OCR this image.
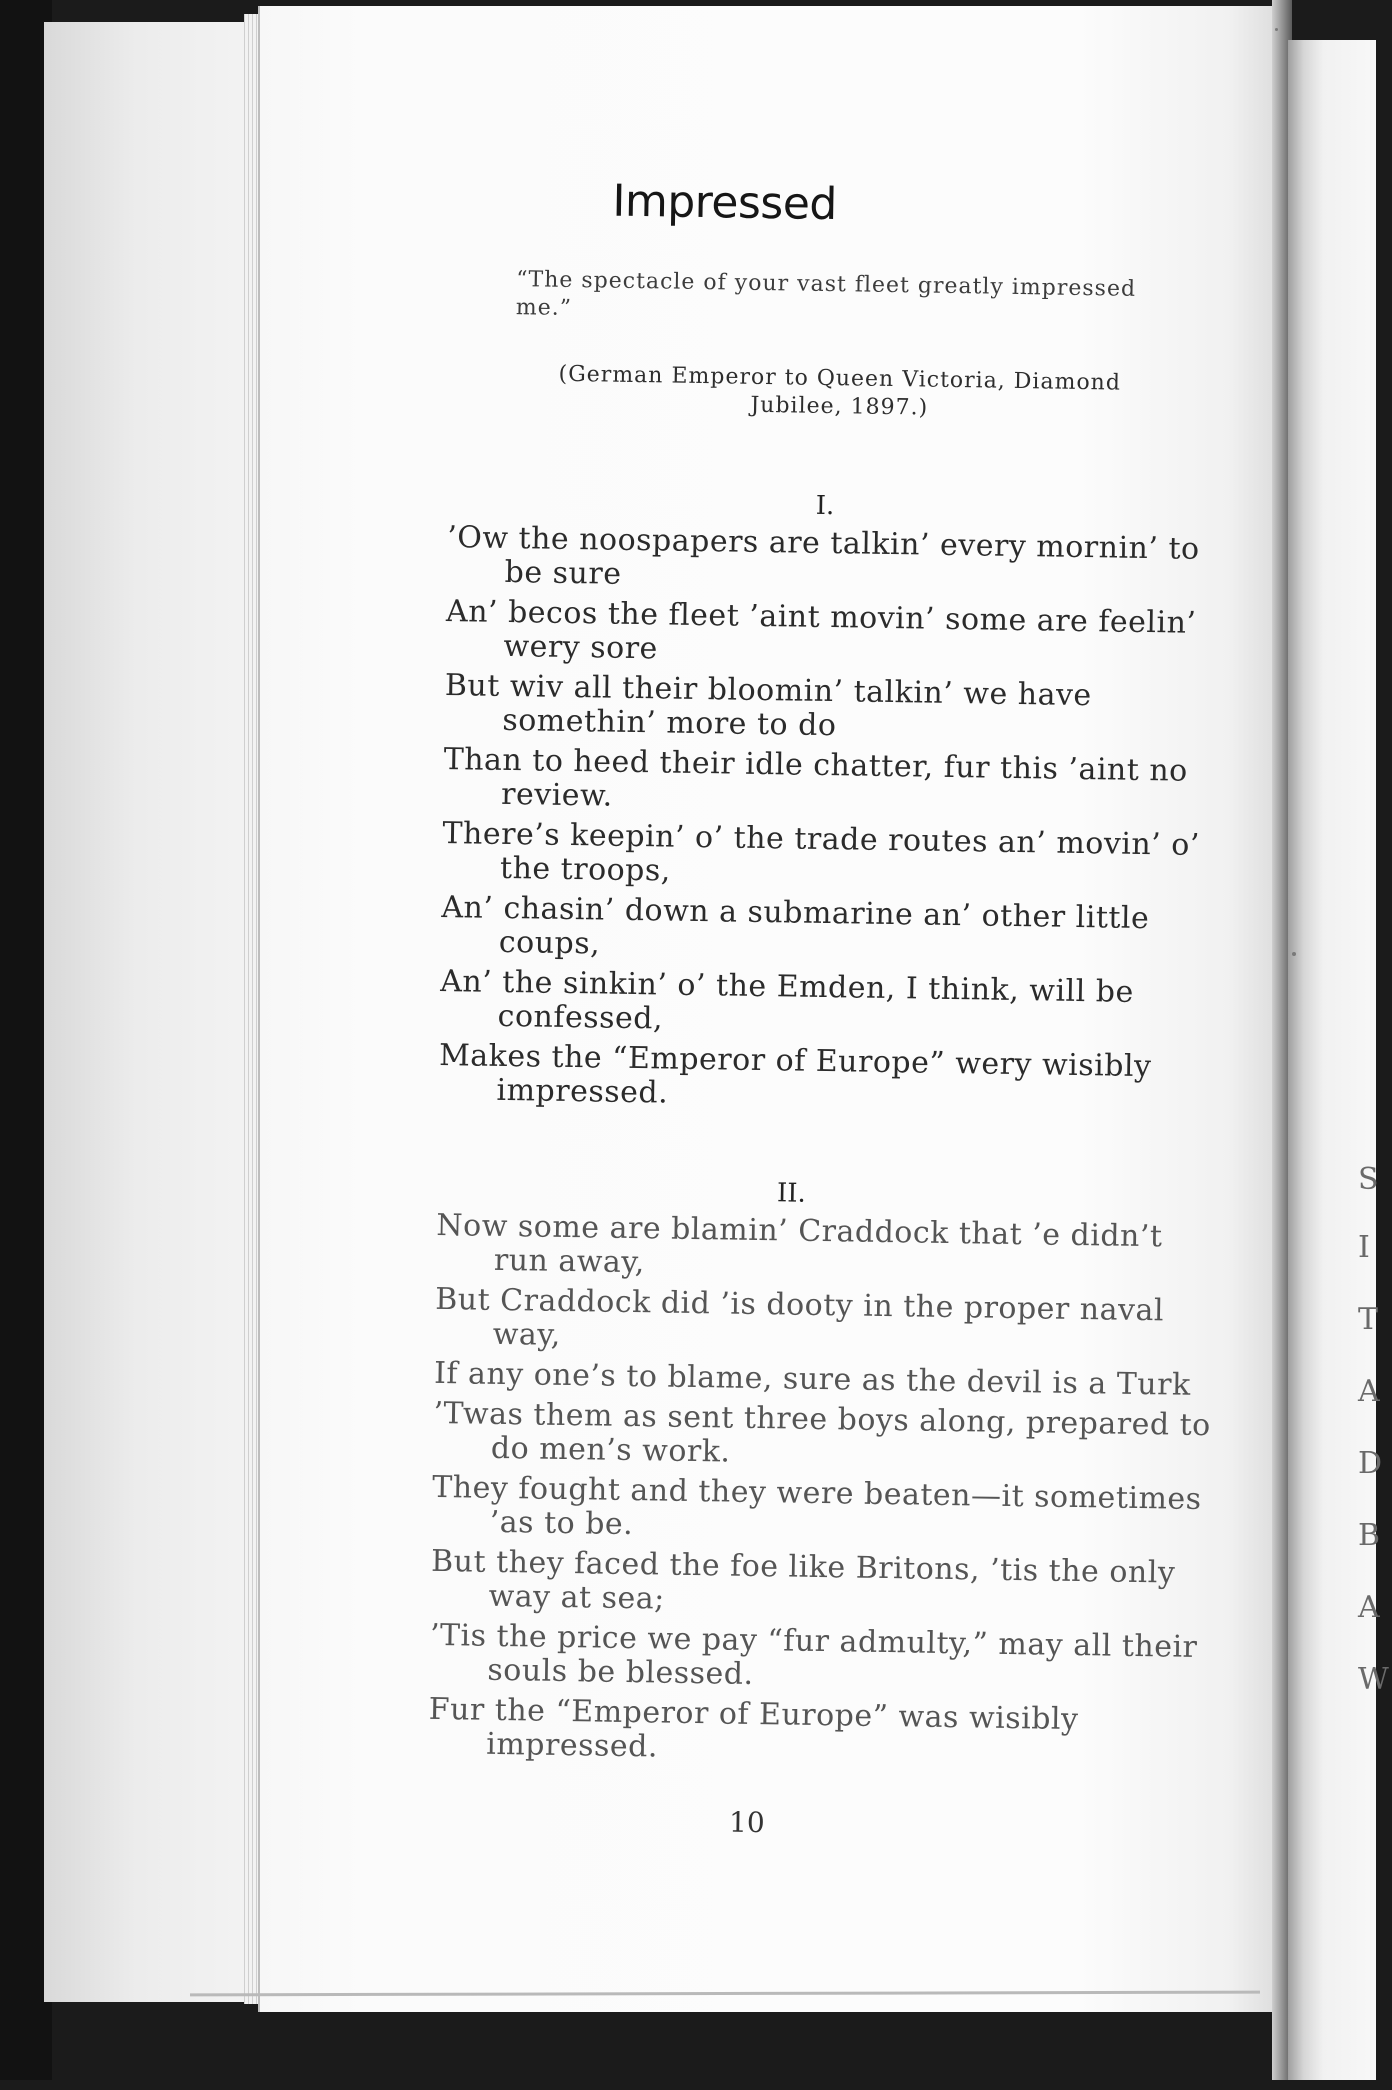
S
I
T
A
D
B
A
W
Impressed
“The spectacle of your vast fleet greatly impressed me.”
(German Emperor to Queen Victoria, Diamond Jubilee, 1897.)
I.

’Ow the noospapers are talkin’ every mornin’ to be sure

An’ becos the fleet ’aint movin’ some are feelin’ wery sore

But wiv all their bloomin’ talkin’ we have somethin’ more to do

Than to heed their idle chatter, fur this ’aint no review.

There’s keepin’ o’ the trade routes an’ movin’ o’ the troops,

An’ chasin’ down a submarine an’ other little coups,

An’ the sinkin’ o’ the Emden, I think, will be confessed,

Makes the “Emperor of Europe” wery wisibly impressed.

II.

Now some are blamin’ Craddock that ’e didn’t run away,

But Craddock did ’is dooty in the proper naval way,

If any one’s to blame, sure as the devil is a Turk

’Twas them as sent three boys along, prepared to do men’s work.

They fought and they were beaten—it sometimes ’as to be.

But they faced the foe like Britons, ’tis the only way at sea;

’Tis the price we pay “fur admulty,” may all their souls be blessed.

Fur the “Emperor of Europe” was wisibly impressed.

10
